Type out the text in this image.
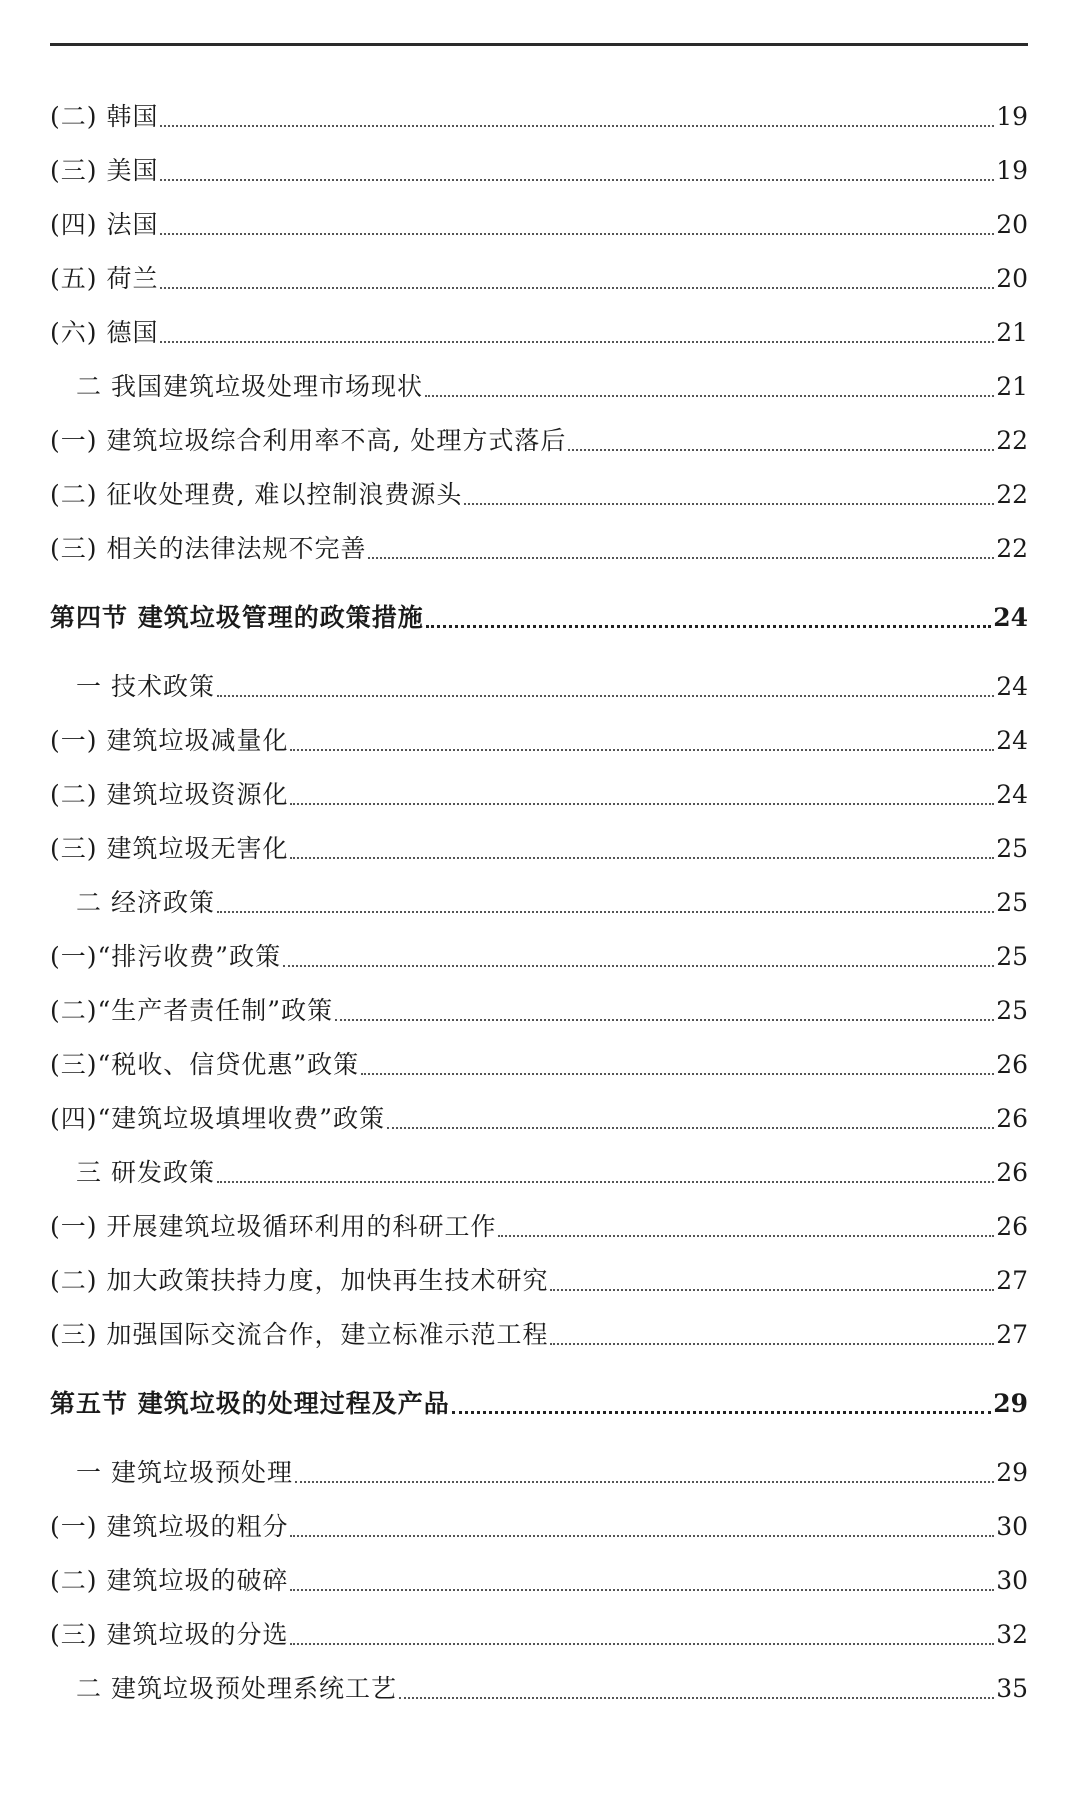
(二) 韩国	19
(三) 美国	19
(四) 法国	20
(五) 荷兰	20
(六) 德国	21
二 我国建筑垃圾处理市场现状	21
(一) 建筑垃圾综合利用率不高, 处理方式落后	22
(二) 征收处理费, 难以控制浪费源头	22
(三) 相关的法律法规不完善	22
第四节 建筑垃圾管理的政策措施	24
一 技术政策	24
(一) 建筑垃圾减量化	24
(二) 建筑垃圾资源化	24
(三) 建筑垃圾无害化	25
二 经济政策	25
(一)“排污收费”政策	25
(二)“生产者责任制”政策	25
(三)“税收、信贷优惠”政策	26
(四)“建筑垃圾填埋收费”政策	26
三 研发政策	26
(一) 开展建筑垃圾循环利用的科研工作	26
(二) 加大政策扶持力度，加快再生技术研究	27
(三) 加强国际交流合作，建立标准示范工程	27
第五节 建筑垃圾的处理过程及产品	29
一 建筑垃圾预处理	29
(一) 建筑垃圾的粗分	30
(二) 建筑垃圾的破碎	30
(三) 建筑垃圾的分选	32
二 建筑垃圾预处理系统工艺	35
